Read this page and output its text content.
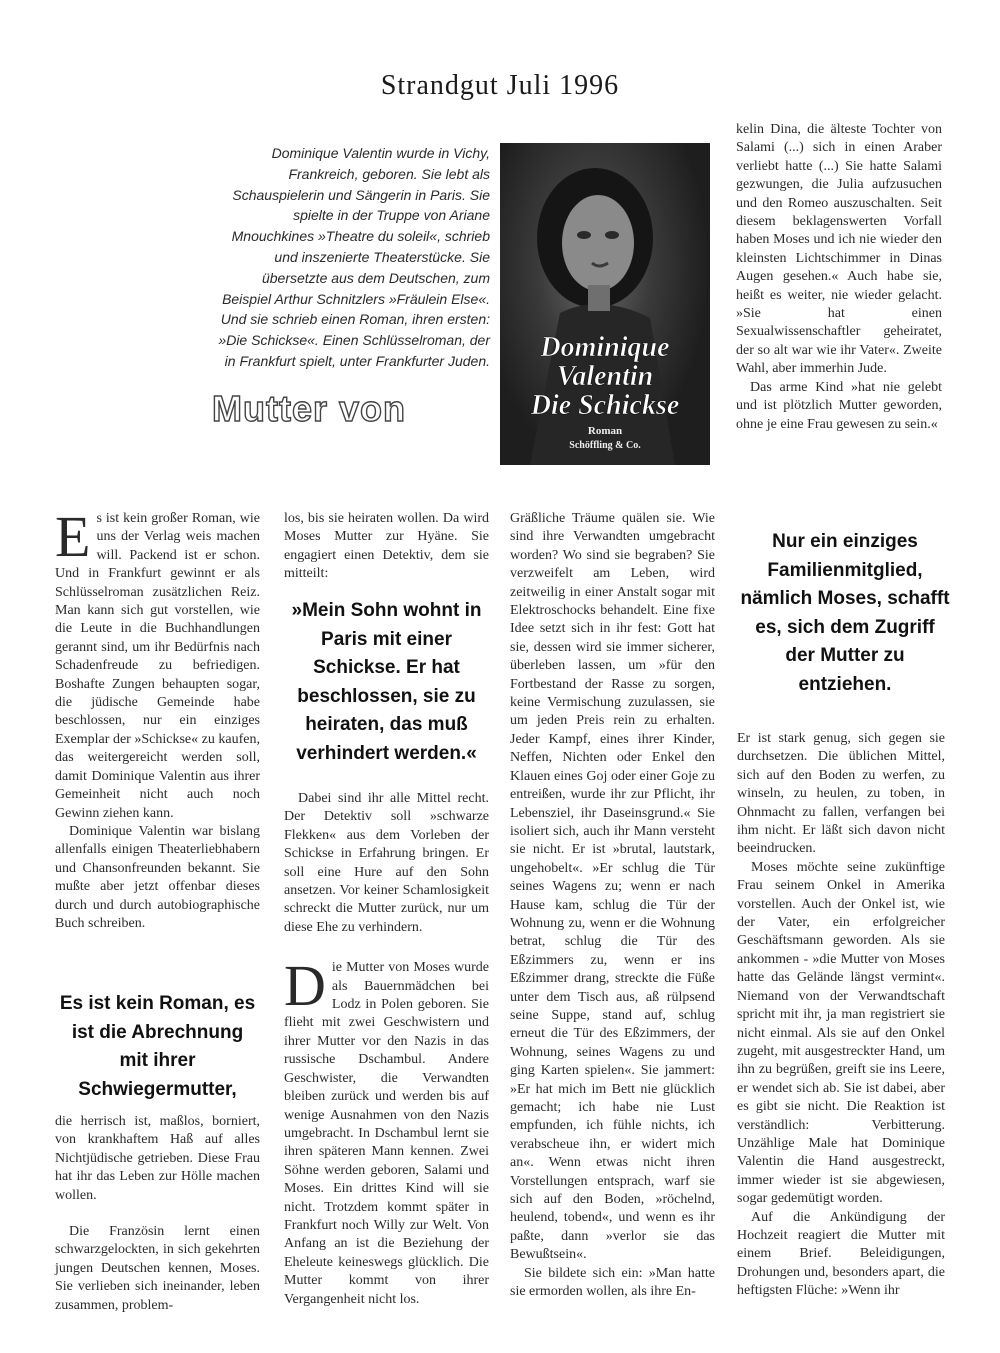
Strandgut Juli 1996
Dominique Valentin wurde in Vichy, Frankreich, geboren. Sie lebt als Schauspielerin und Sängerin in Paris. Sie spielte in der Truppe von Ariane Mnouchkines »Theatre du soleil«, schrieb und inszenierte Theaterstücke. Sie übersetzte aus dem Deutschen, zum Beispiel Arthur Schnitzlers »Fräulein Else«. Und sie schrieb einen Roman, ihren ersten: »Die Schickse«. Einen Schlüsselroman, der in Frankfurt spielt, unter Frankfurter Juden.
Mutter von
Dominique
Valentin
Die Schickse
Roman
Schöffling & Co.

kelin Dina, die älteste Tochter von Salami (...) sich in einen Araber verliebt hatte (...) Sie hatte Salami gezwungen, die Julia aufzusuchen und den Romeo auszuschalten. Seit diesem beklagenswerten Vorfall haben Moses und ich nie wieder den kleinsten Lichtschimmer in Dinas Augen gesehen.« Auch habe sie, heißt es weiter, nie wieder gelacht. »Sie hat einen Sexualwissenschaftler geheiratet, der so alt war wie ihr Vater«. Zweite Wahl, aber immerhin Jude.

Das arme Kind »hat nie gelebt und ist plötzlich Mutter geworden, ohne je eine Frau gewesen zu sein.«

E s ist kein großer Roman, wie uns der Verlag weis machen will. Packend ist er schon. Und in Frankfurt gewinnt er als Schlüsselroman zusätzlichen Reiz. Man kann sich gut vorstellen, wie die Leute in die Buchhandlungen gerannt sind, um ihr Bedürfnis nach Schadenfreude zu befriedigen. Boshafte Zungen behaupten sogar, die jüdische Gemeinde habe beschlossen, nur ein einziges Exemplar der »Schickse« zu kaufen, das weitergereicht werden soll, damit Dominique Valentin aus ihrer Gemeinheit nicht auch noch Gewinn ziehen kann.

Dominique Valentin war bislang allenfalls einigen Theaterliebhabern und Chansonfreunden bekannt. Sie mußte aber jetzt offenbar dieses durch und durch autobiographische Buch schreiben.

Es ist kein Roman, es ist die Abrechnung mit ihrer Schwiegermutter,

die herrisch ist, maßlos, borniert, von krankhaftem Haß auf alles Nichtjüdische getrieben. Diese Frau hat ihr das Leben zur Hölle machen wollen.

Die Französin lernt einen schwarzgelockten, in sich gekehrten jungen Deutschen kennen, Moses. Sie verlieben sich ineinander, leben zusammen, problem-

los, bis sie heiraten wollen. Da wird Moses Mutter zur Hyäne. Sie engagiert einen Detektiv, dem sie mitteilt:

»Mein Sohn wohnt in Paris mit einer Schickse. Er hat beschlossen, sie zu heiraten, das muß verhindert werden.«

Dabei sind ihr alle Mittel recht. Der Detektiv soll »schwarze Flekken« aus dem Vorleben der Schickse in Erfahrung bringen. Er soll eine Hure auf den Sohn ansetzen. Vor keiner Schamlosigkeit schreckt die Mutter zurück, nur um diese Ehe zu verhindern.

D ie Mutter von Moses wurde als Bauernmädchen bei Lodz in Polen geboren. Sie flieht mit zwei Geschwistern und ihrer Mutter vor den Nazis in das russische Dschambul. Andere Geschwister, die Verwandten bleiben zurück und werden bis auf wenige Ausnahmen von den Nazis umgebracht. In Dschambul lernt sie ihren späteren Mann kennen. Zwei Söhne werden geboren, Salami und Moses. Ein drittes Kind will sie nicht. Trotzdem kommt später in Frankfurt noch Willy zur Welt. Von Anfang an ist die Beziehung der Eheleute keineswegs glücklich. Die Mutter kommt von ihrer Vergangenheit nicht los.

Gräßliche Träume quälen sie. Wie sind ihre Verwandten umgebracht worden? Wo sind sie begraben? Sie verzweifelt am Leben, wird zeitweilig in einer Anstalt sogar mit Elektroschocks behandelt. Eine fixe Idee setzt sich in ihr fest: Gott hat sie, dessen wird sie immer sicherer, überleben lassen, um »für den Fortbestand der Rasse zu sorgen, keine Vermischung zuzulassen, sie um jeden Preis rein zu erhalten. Jeder Kampf, eines ihrer Kinder, Neffen, Nichten oder Enkel den Klauen eines Goj oder einer Goje zu entreißen, wurde ihr zur Pflicht, ihr Lebensziel, ihr Daseinsgrund.« Sie isoliert sich, auch ihr Mann versteht sie nicht. Er ist »brutal, lautstark, ungehobelt«. »Er schlug die Tür seines Wagens zu; wenn er nach Hause kam, schlug die Tür der Wohnung zu, wenn er die Wohnung betrat, schlug die Tür des Eßzimmers zu, wenn er ins Eßzimmer drang, streckte die Füße unter dem Tisch aus, aß rülpsend seine Suppe, stand auf, schlug erneut die Tür des Eßzimmers, der Wohnung, seines Wagens zu und ging Karten spielen«. Sie jammert: »Er hat mich im Bett nie glücklich gemacht; ich habe nie Lust empfunden, ich fühle nichts, ich verabscheue ihn, er widert mich an«. Wenn etwas nicht ihren Vorstellungen entsprach, warf sie sich auf den Boden, »röchelnd, heulend, tobend«, und wenn es ihr paßte, dann »verlor sie das Bewußtsein«.

Sie bildete sich ein: »Man hatte sie ermorden wollen, als ihre En-

Nur ein einziges Familienmitglied, nämlich Moses, schafft es, sich dem Zugriff der Mutter zu entziehen.

Er ist stark genug, sich gegen sie durchsetzen. Die üblichen Mittel, sich auf den Boden zu werfen, zu winseln, zu heulen, zu toben, in Ohnmacht zu fallen, verfangen bei ihm nicht. Er läßt sich davon nicht beeindrucken.

Moses möchte seine zukünftige Frau seinem Onkel in Amerika vorstellen. Auch der Onkel ist, wie der Vater, ein erfolgreicher Geschäftsmann geworden. Als sie ankommen - »die Mutter von Moses hatte das Gelände längst vermint«. Niemand von der Verwandtschaft spricht mit ihr, ja man registriert sie nicht einmal. Als sie auf den Onkel zugeht, mit ausgestreckter Hand, um ihn zu begrüßen, greift sie ins Leere, er wendet sich ab. Sie ist dabei, aber es gibt sie nicht. Die Reaktion ist verständlich: Verbitterung. Unzählige Male hat Dominique Valentin die Hand ausgestreckt, immer wieder ist sie abgewiesen, sogar gedemütigt worden.

Auf die Ankündigung der Hochzeit reagiert die Mutter mit einem Brief. Beleidigungen, Drohungen und, besonders apart, die heftigsten Flüche: »Wenn ihr
